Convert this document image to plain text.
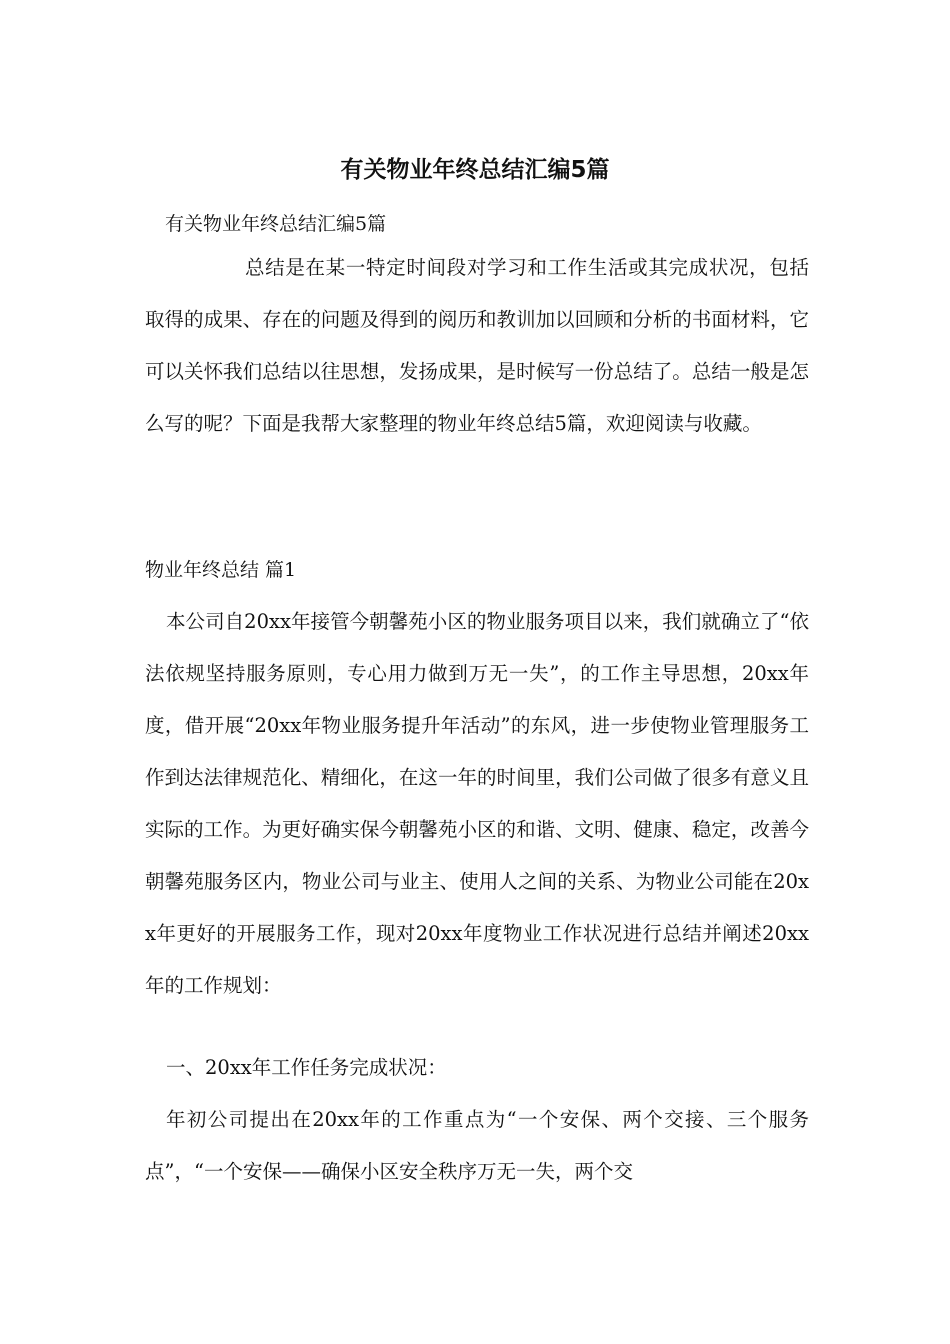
有关物业年终总结汇编5篇

有关物业年终总结汇编5篇

总结是在某一特定时间段对学习和工作生活或其完成状况，包括取得的成果、存在的问题及得到的阅历和教训加以回顾和分析的书面材料，它可以关怀我们总结以往思想，发扬成果，是时候写一份总结了。总结一般是怎么写的呢？下面是我帮大家整理的物业年终总结5篇，欢迎阅读与收藏。

物业年终总结 篇1

本公司自20xx年接管今朝馨苑小区的物业服务项目以来，我们就确立了“依法依规坚持服务原则，专心用力做到万无一失”，的工作主导思想，20xx年度，借开展“20xx年物业服务提升年活动”的东风，进一步使物业管理服务工作到达法律规范化、精细化，在这一年的时间里，我们公司做了很多有意义且实际的工作。为更好确实保今朝馨苑小区的和谐、文明、健康、稳定，改善今朝馨苑服务区内，物业公司与业主、使用人之间的关系、为物业公司能在20xx年更好的开展服务工作，现对20xx年度物业工作状况进行总结并阐述20xx年的工作规划：

一、20xx年工作任务完成状况：

年初公司提出在20xx年的工作重点为“一个安保、两个交接、三个服务点”，“一个安保——确保小区安全秩序万无一失，两个交
